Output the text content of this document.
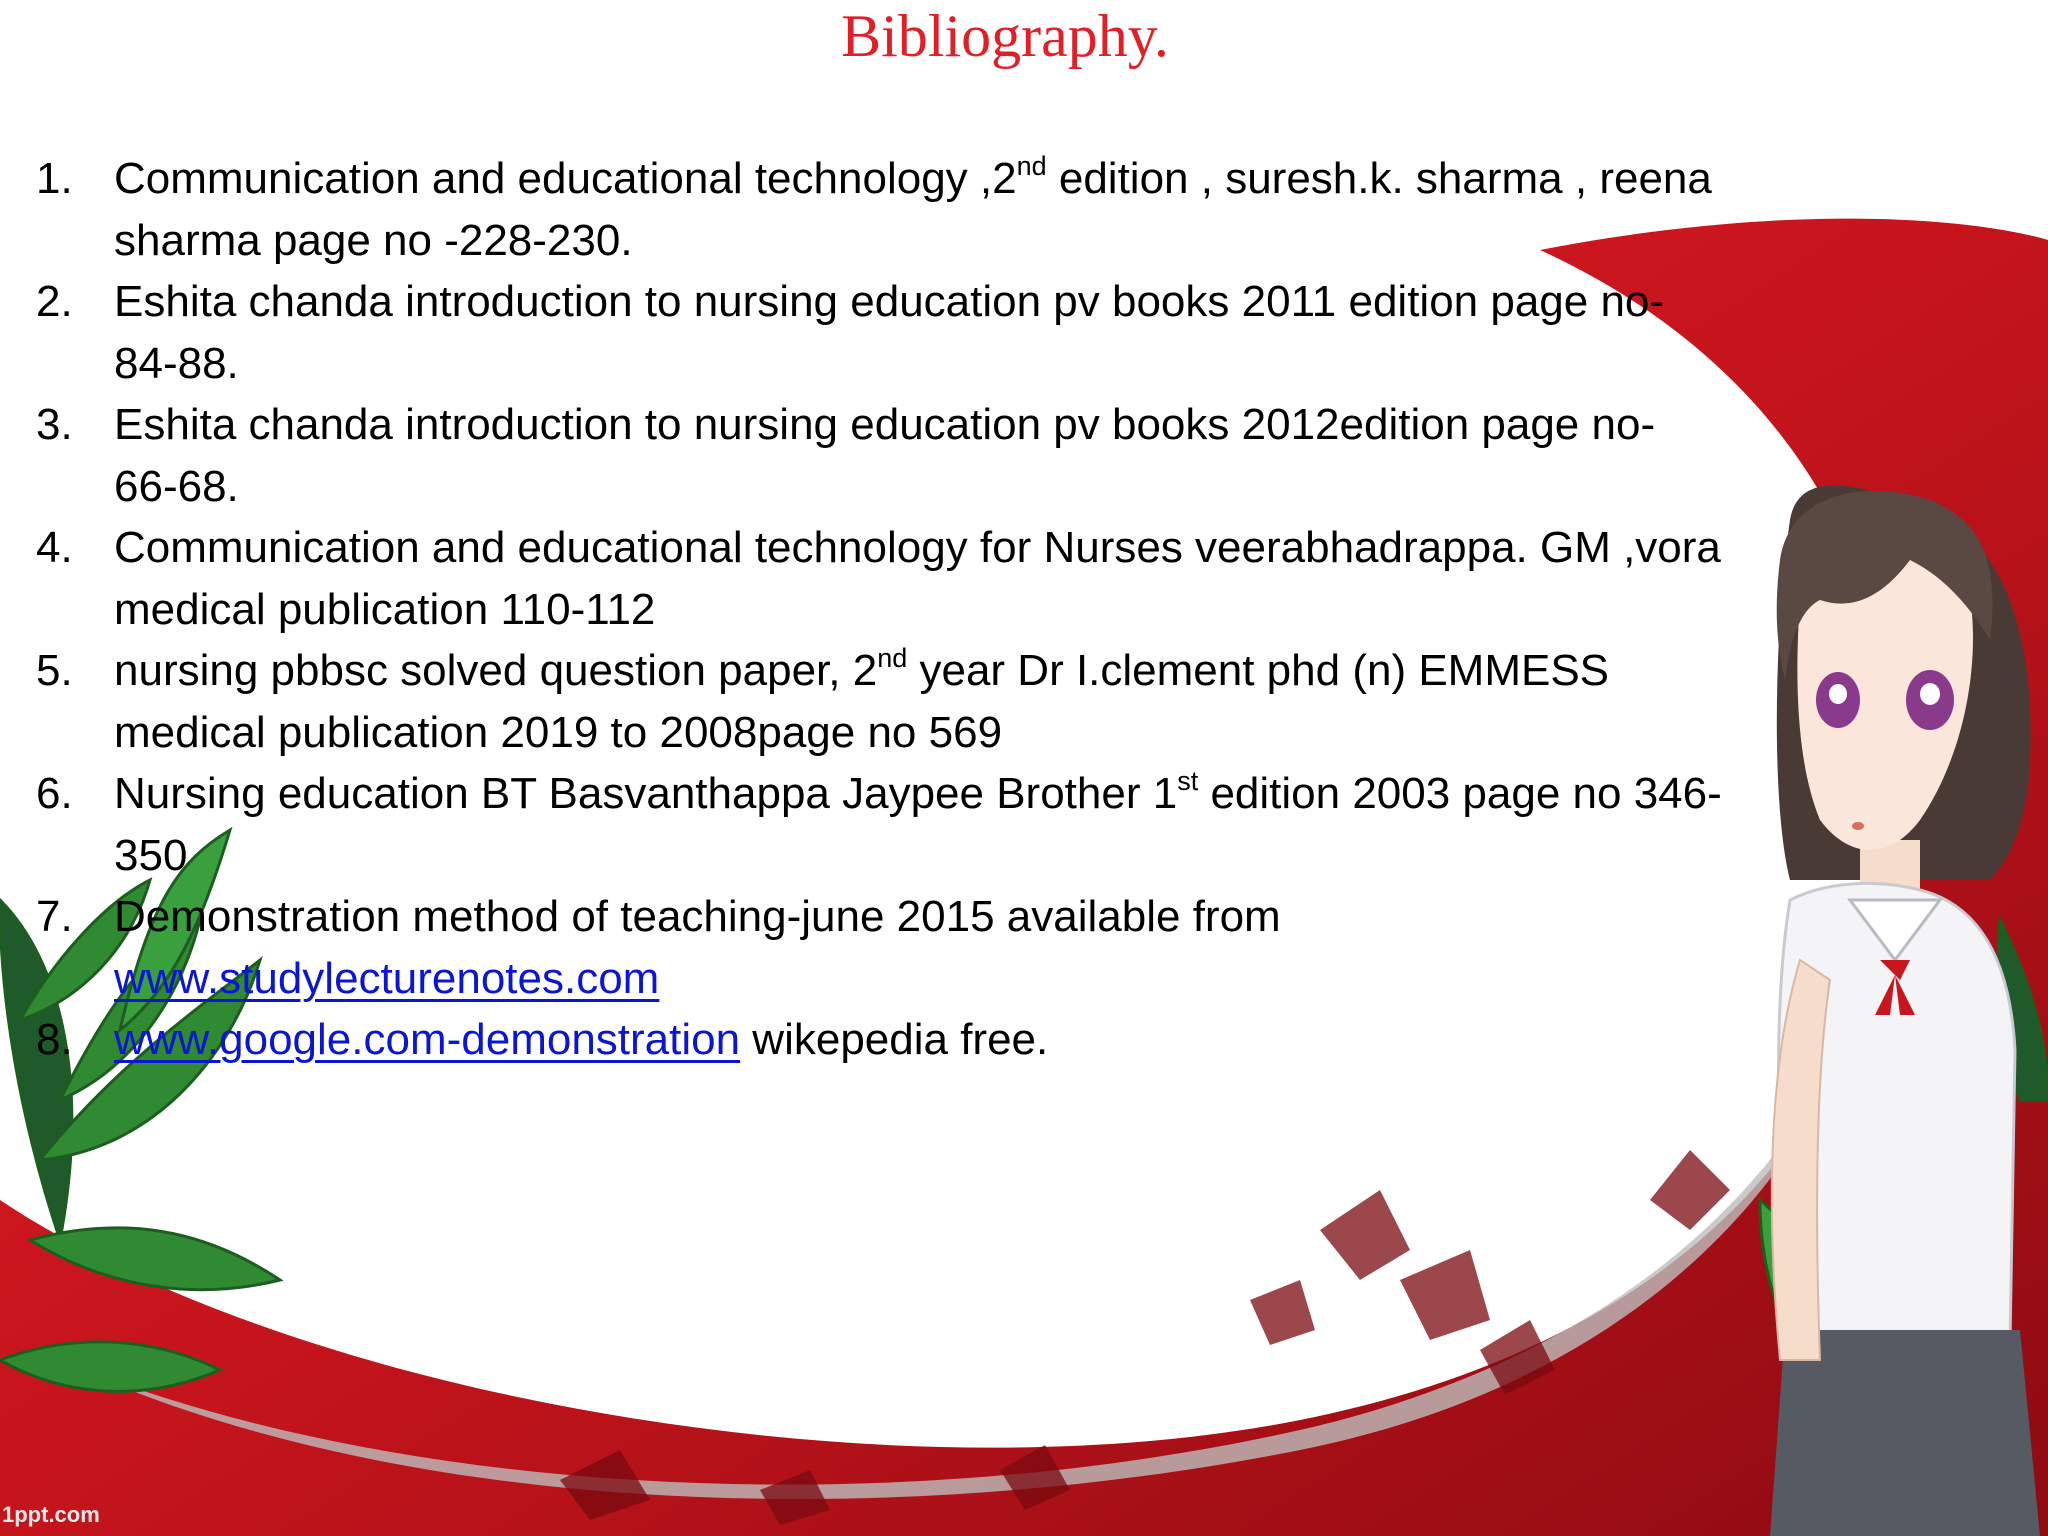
Bibliography.
1. Communication and educational technology ,2nd edition , suresh.k. sharma , reena sharma page no -228-230.
2. Eshita chanda introduction to nursing education pv books 2011 edition page no- 84-88.
3. Eshita chanda introduction to nursing education pv books 2012edition page no- 66-68.
4. Communication and educational technology for Nurses veerabhadrappa. GM ,vora medical publication 110-112
5. nursing pbbsc solved question paper, 2nd year Dr I.clement phd (n) EMMESS medical publication 2019 to 2008page no 569
6. Nursing education BT Basvanthappa Jaypee Brother 1st edition 2003 page no 346-350
7. Demonstration method of teaching-june 2015 available from www.studylecturenotes.com
8. www.google.com-demonstration wikepedia free.
1ppt.com
